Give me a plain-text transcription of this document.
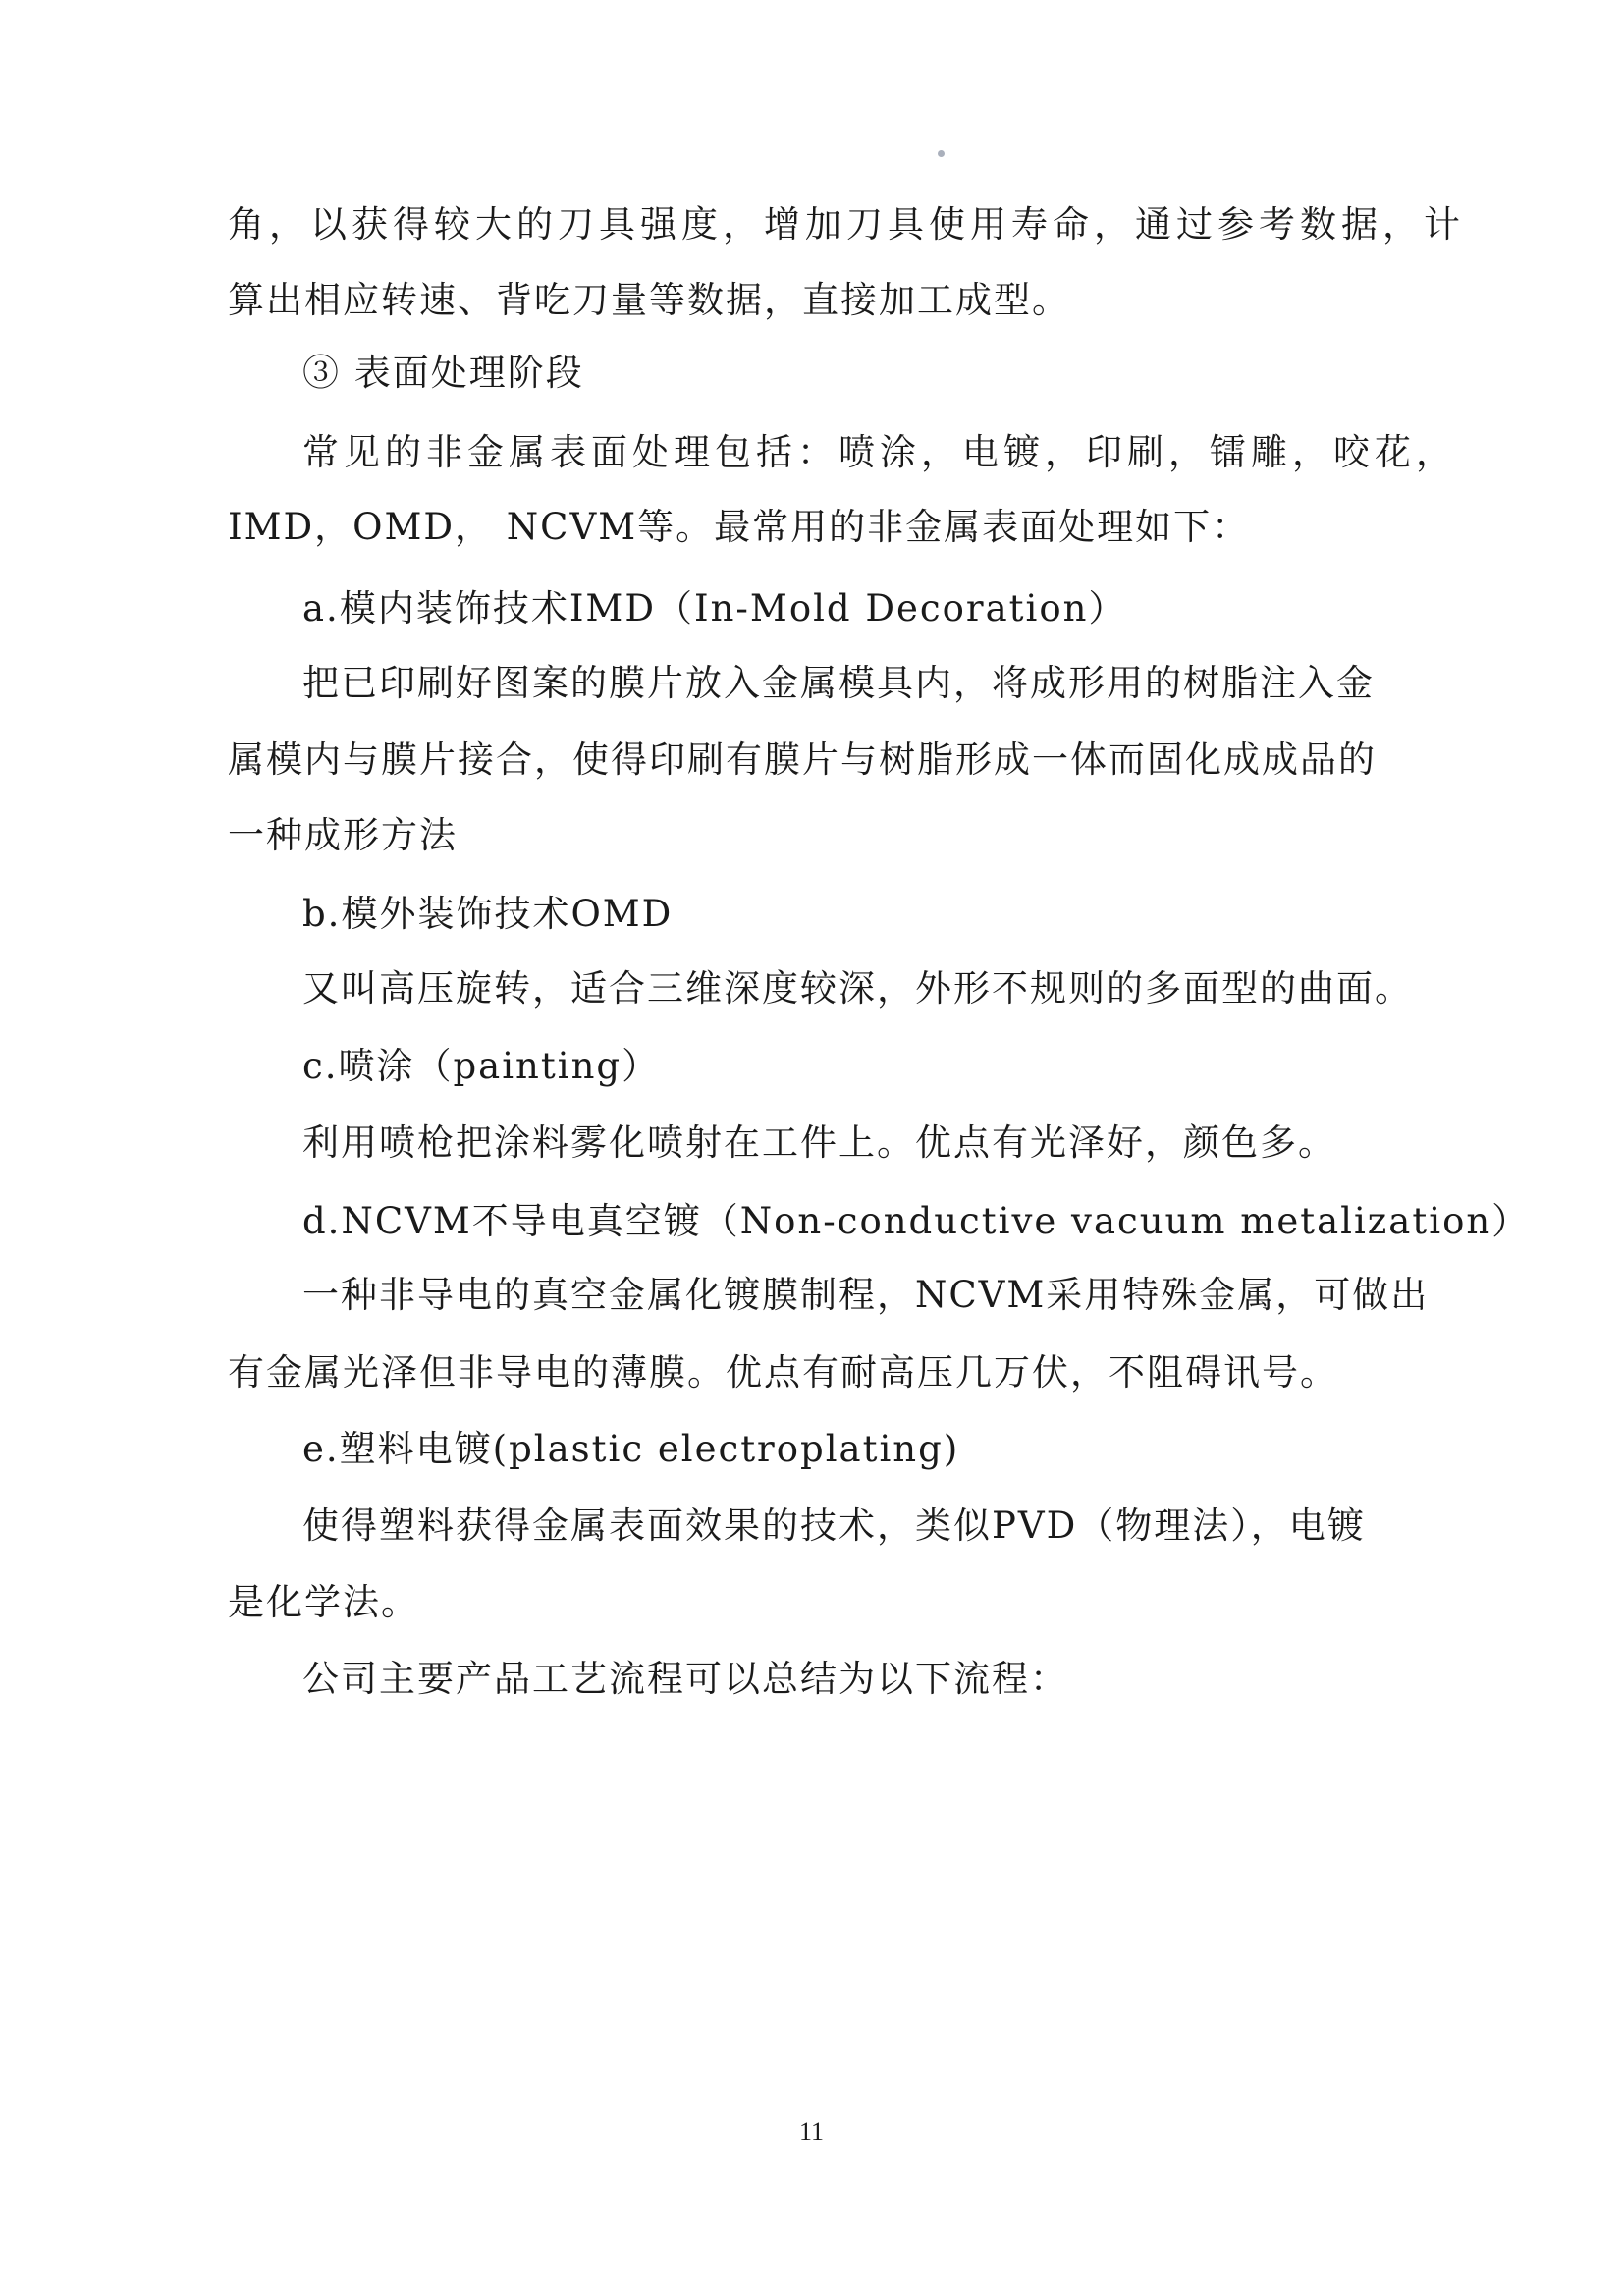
角，以获得较大的刀具强度，增加刀具使用寿命，通过参考数据，计
算出相应转速、背吃刀量等数据，直接加工成型。
③ 表面处理阶段
常见的非金属表面处理包括：喷涂，电镀，印刷，镭雕，咬花，
IMD，OMD， NCVM等。最常用的非金属表面处理如下：
a.模内装饰技术IMD（In-Mold Decoration）
把已印刷好图案的膜片放入金属模具内，将成形用的树脂注入金
属模内与膜片接合，使得印刷有膜片与树脂形成一体而固化成成品的
一种成形方法
b.模外装饰技术OMD
又叫高压旋转，适合三维深度较深，外形不规则的多面型的曲面。
c.喷涂（painting）
利用喷枪把涂料雾化喷射在工件上。优点有光泽好，颜色多。
d.NCVM不导电真空镀（Non-conductive vacuum metalization）
一种非导电的真空金属化镀膜制程，NCVM采用特殊金属，可做出
有金属光泽但非导电的薄膜。优点有耐高压几万伏，不阻碍讯号。
e.塑料电镀(plastic electroplating)
使得塑料获得金属表面效果的技术，类似PVD（物理法），电镀
是化学法。
公司主要产品工艺流程可以总结为以下流程：
11
